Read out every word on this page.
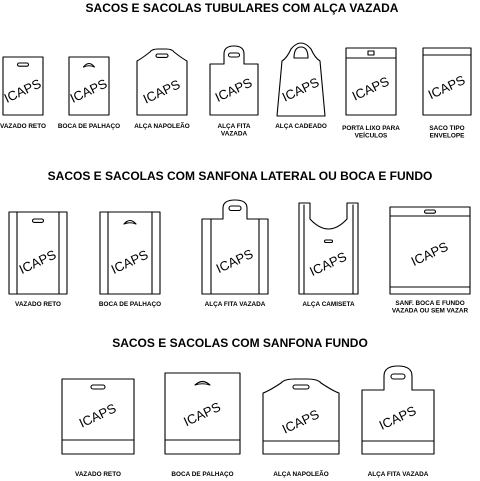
SACOS E SACOLAS TUBULARES COM ALÇA VAZADA
ICAPS
VAZADO RETO
ICAPS
BOCA DE PALHAÇO
ICAPS
ALÇA NAPOLEÃO
ICAPS
ALÇA FITA
VAZADA
ICAPS
ALÇA CADEADO
ICAPS
PORTA LIXO PARA
VEÍCULOS
ICAPS
SACO TIPO
ENVELOPE
SACOS E SACOLAS COM SANFONA LATERAL OU BOCA E FUNDO
ICAPS
VAZADO RETO
ICAPS
BOCA DE PALHAÇO
ICAPS
ALÇA FITA VAZADA
ICAPS
ALÇA CAMISETA
ICAPS
SANF. BOCA E FUNDO
VAZADA OU SEM VAZAR
SACOS E SACOLAS COM SANFONA FUNDO
ICAPS
VAZADO RETO
ICAPS
BOCA DE PALHAÇO
ICAPS
ALÇA NAPOLEÃO
ICAPS
ALÇA FITA VAZADA
